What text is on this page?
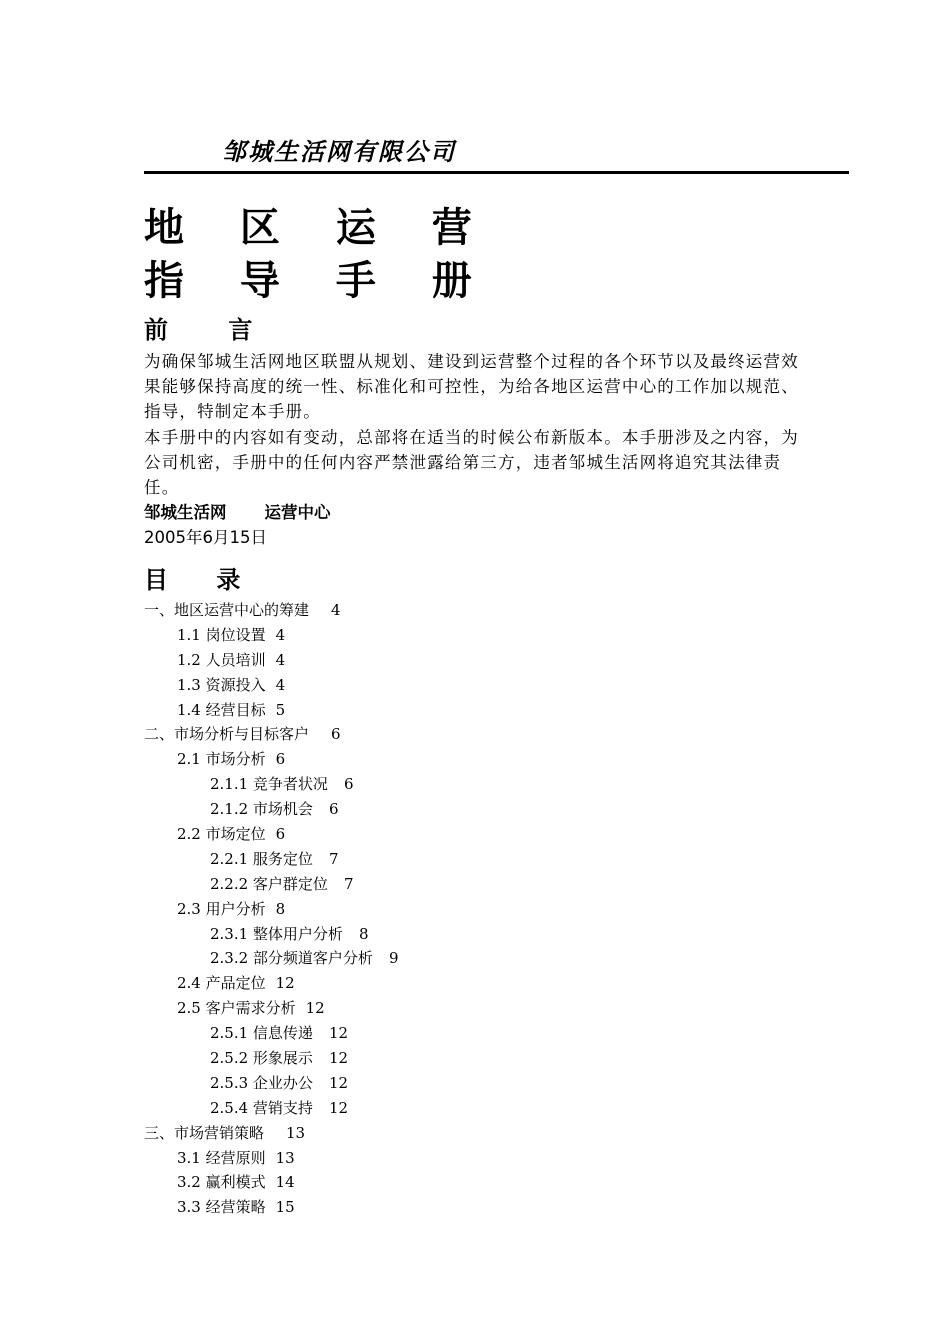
邹城生活网有限公司
地 区 运 营
指 导 手 册
前 言

为确保邹城生活网地区联盟从规划、建设到运营整个过程的各个环节以及最终运营效果能够保持高度的统一性、标准化和可控性，为给各地区运营中心的工作加以规范、指导，特制定本手册。

本手册中的内容如有变动，总部将在适当的时候公布新版本。本手册涉及之内容，为公司机密，手册中的任何内容严禁泄露给第三方，违者邹城生活网将追究其法律责任。

邹城生活网 运营中心
2005年6月15日
目 录
一、地区运营中心的筹建 4
1.1 岗位设置 4
1.2 人员培训 4
1.3 资源投入 4
1.4 经营目标 5
二、市场分析与目标客户 6
2.1 市场分析 6
2.1.1 竞争者状况 6
2.1.2 市场机会 6
2.2 市场定位 6
2.2.1 服务定位 7
2.2.2 客户群定位 7
2.3 用户分析 8
2.3.1 整体用户分析 8
2.3.2 部分频道客户分析 9
2.4 产品定位 12
2.5 客户需求分析 12
2.5.1 信息传递 12
2.5.2 形象展示 12
2.5.3 企业办公 12
2.5.4 营销支持 12
三、市场营销策略 13
3.1 经营原则 13
3.2 赢利模式 14
3.3 经营策略 15
